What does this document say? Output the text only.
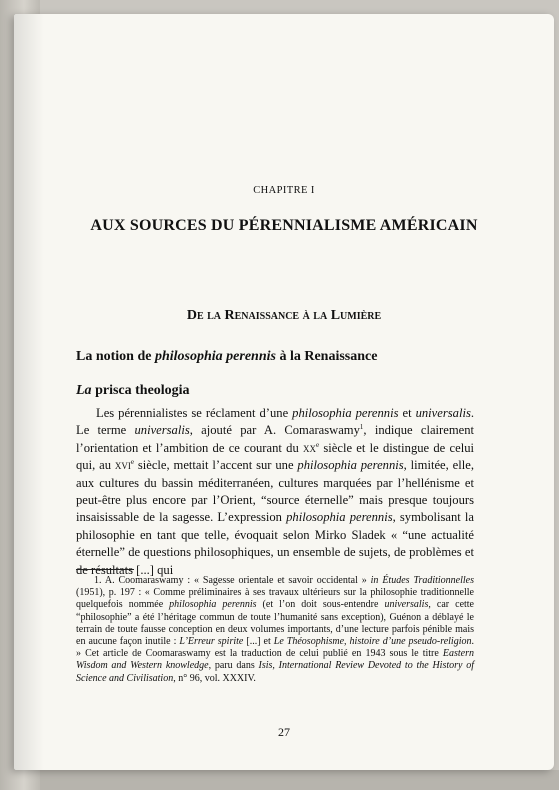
CHAPITRE I
AUX SOURCES DU PÉRENNIALISME AMÉRICAIN
De la Renaissance à la Lumière
La notion de philosophia perennis à la Renaissance
La prisca theologia
Les pérennialistes se réclament d’une philosophia perennis et universalis. Le terme universalis, ajouté par A. Comaraswamy$^1$, indique clairement l’orientation et l’ambition de ce courant du $xx^e$ siècle et le distingue de celui qui, au xvi$^e$ siècle, mettait l’accent sur une philosophia perennis, limitée, elle, aux cultures du bassin méditerranéen, cultures marquées par l’hellénisme et peut-être plus encore par l’Orient, “source éternelle” mais presque toujours insaisissable de la sagesse. L’expression philosophia perennis, symbolisant la philosophie en tant que telle, évoquait selon Mirko Sladek « “une actualité éternelle” de questions philosophiques, un ensemble de sujets, de problèmes et de résultats [...] qui
1. A. Coomaraswamy : « Sagesse orientale et savoir occidental » in Études Traditionnelles (1951), p. 197 : « Comme préliminaires à ses travaux ultérieurs sur la philosophie traditionnelle quelquefois nommée philosophia perennis (et l’on doit sous-entendre universalis, car cette “philosophie” a été l’héritage commun de toute l’humanité sans exception), Guénon a déblayé le terrain de toute fausse conception en deux volumes importants, d’une lecture parfois pénible mais en aucune façon inutile : L’Erreur spirite [...] et Le Théosophisme, histoire d’une pseudo-religion. » Cet article de Coomaraswamy est la traduction de celui publié en 1943 sous le titre Eastern Wisdom and Western knowledge, paru dans Isis, International Review Devoted to the History of Science and Civilisation, n° 96, vol. XXXIV.
27
